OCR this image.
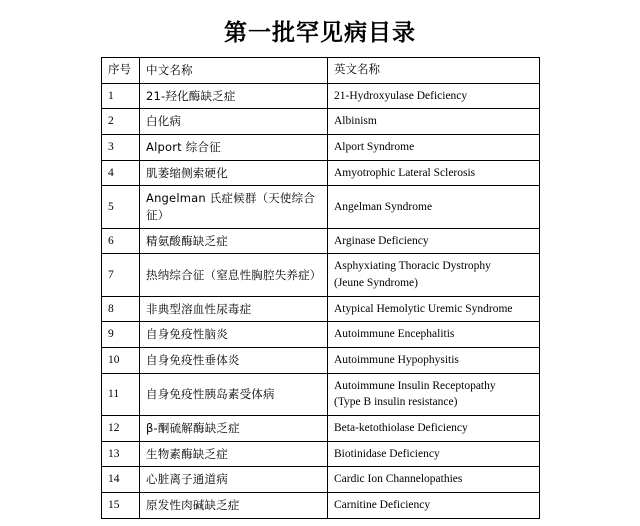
第一批罕见病目录
序号	中文名称	英文名称
1	21-羟化酶缺乏症	21-Hydroxyulase Deficiency

2	白化病	Albinism

3	Alport 综合征	Alport Syndrome

4	肌萎缩侧索硬化	Amyotrophic Lateral Sclerosis

5	Angelman 氏症候群（天使综合征）	Angelman Syndrome

6	精氨酸酶缺乏症	Arginase Deficiency

7	热纳综合征（窒息性胸腔失养症）	Asphyxiating Thoracic Dystrophy
(Jeune Syndrome)

8	非典型溶血性尿毒症	Atypical Hemolytic Uremic Syndrome

9	自身免疫性脑炎	Autoimmune Encephalitis

10	自身免疫性垂体炎	Autoimmune Hypophysitis

11	自身免疫性胰岛素受体病	Autoimmune Insulin Receptopathy
(Type B insulin resistance)

12	β-酮硫解酶缺乏症	Beta-ketothiolase Deficiency

13	生物素酶缺乏症	Biotinidase Deficiency

14	心脏离子通道病	Cardic Ion Channelopathies

15	原发性肉碱缺乏症	Carnitine Deficiency
